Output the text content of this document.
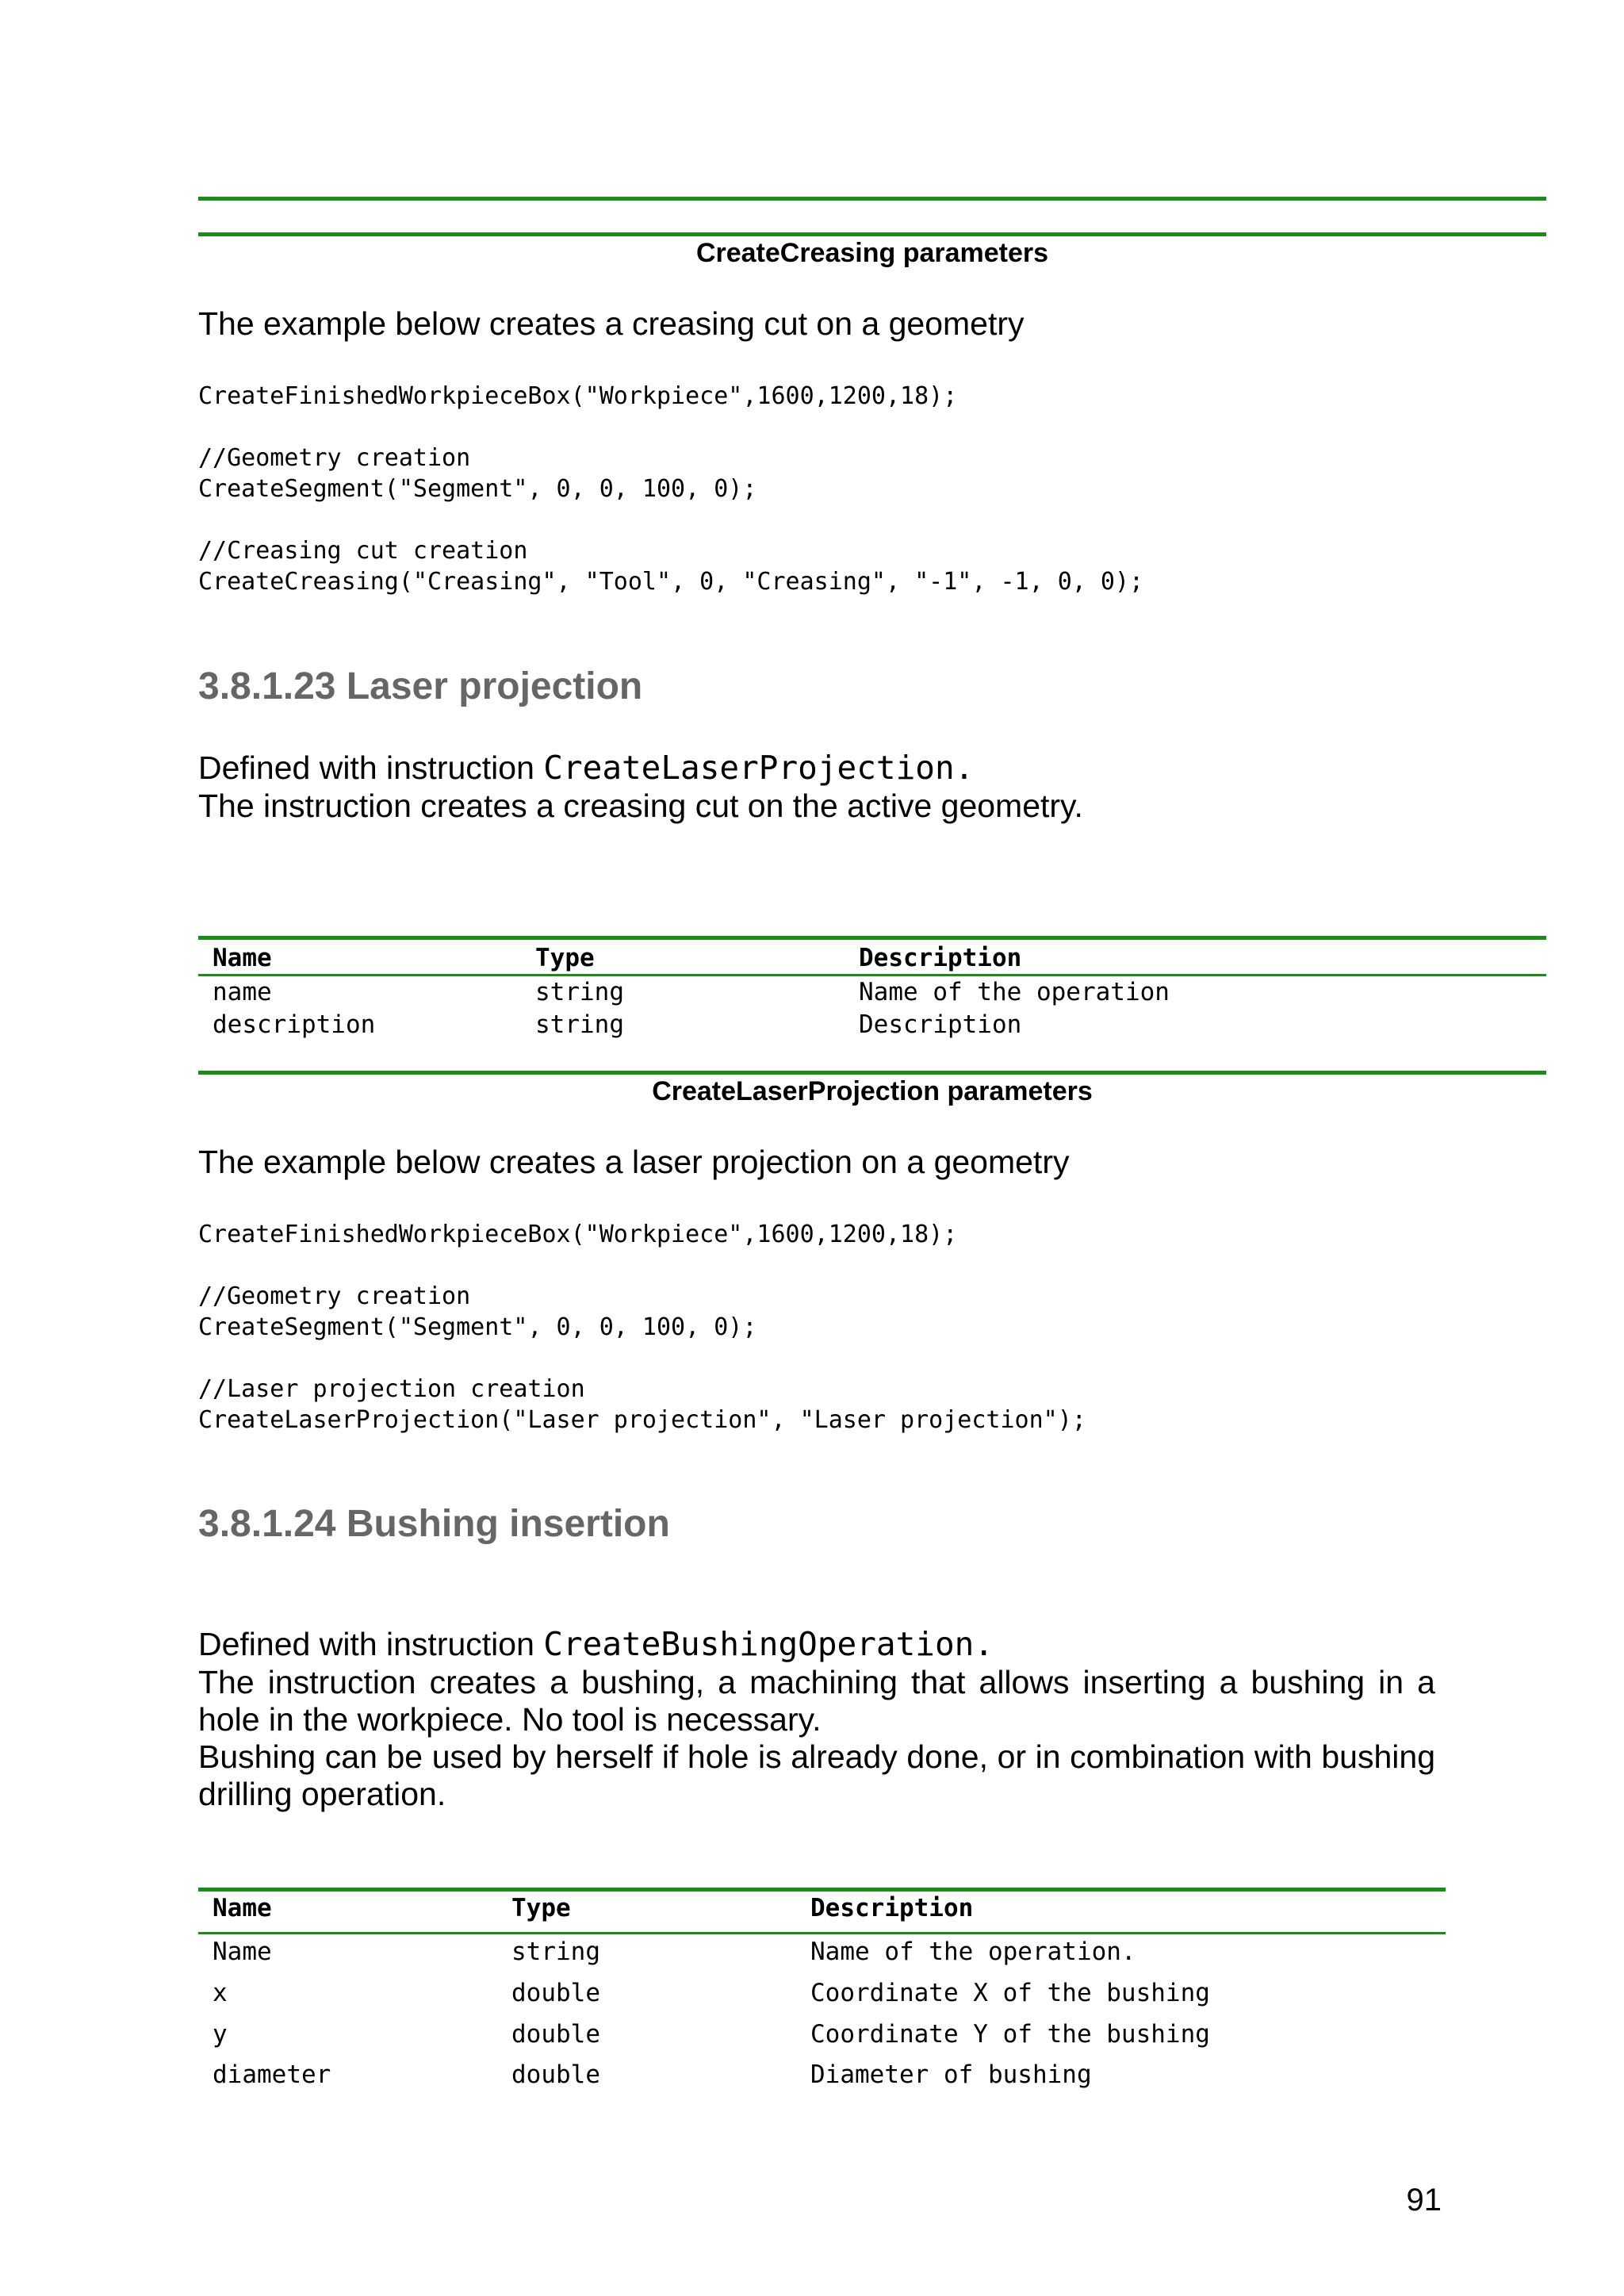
CreateCreasing parameters
The example below creates a creasing cut on a geometry
CreateFinishedWorkpieceBox("Workpiece",1600,1200,18);

//Geometry creation
CreateSegment("Segment", 0, 0, 100, 0);

//Creasing cut creation
CreateCreasing("Creasing", "Tool", 0, "Creasing", "-1", -1, 0, 0);
3.8.1.23 Laser projection
Defined with instruction CreateLaserProjection.
The instruction creates a creasing cut on the active geometry.
Name	Type	Description
name	string	Name of the operation
description	string	Description
CreateLaserProjection parameters
The example below creates a laser projection on a geometry
CreateFinishedWorkpieceBox("Workpiece",1600,1200,18);

//Geometry creation
CreateSegment("Segment", 0, 0, 100, 0);

//Laser projection creation
CreateLaserProjection("Laser projection", "Laser projection");
3.8.1.24 Bushing insertion
Defined with instruction CreateBushingOperation.
The instruction creates a bushing, a machining that allows inserting a bushing in a hole in the workpiece. No tool is necessary.
Bushing can be used by herself if hole is already done, or in combination with bushing drilling operation.
Name	Type	Description
Name	string	Name of the operation.
x	double	Coordinate X of the bushing
y	double	Coordinate Y of the bushing
diameter	double	Diameter of bushing
91
